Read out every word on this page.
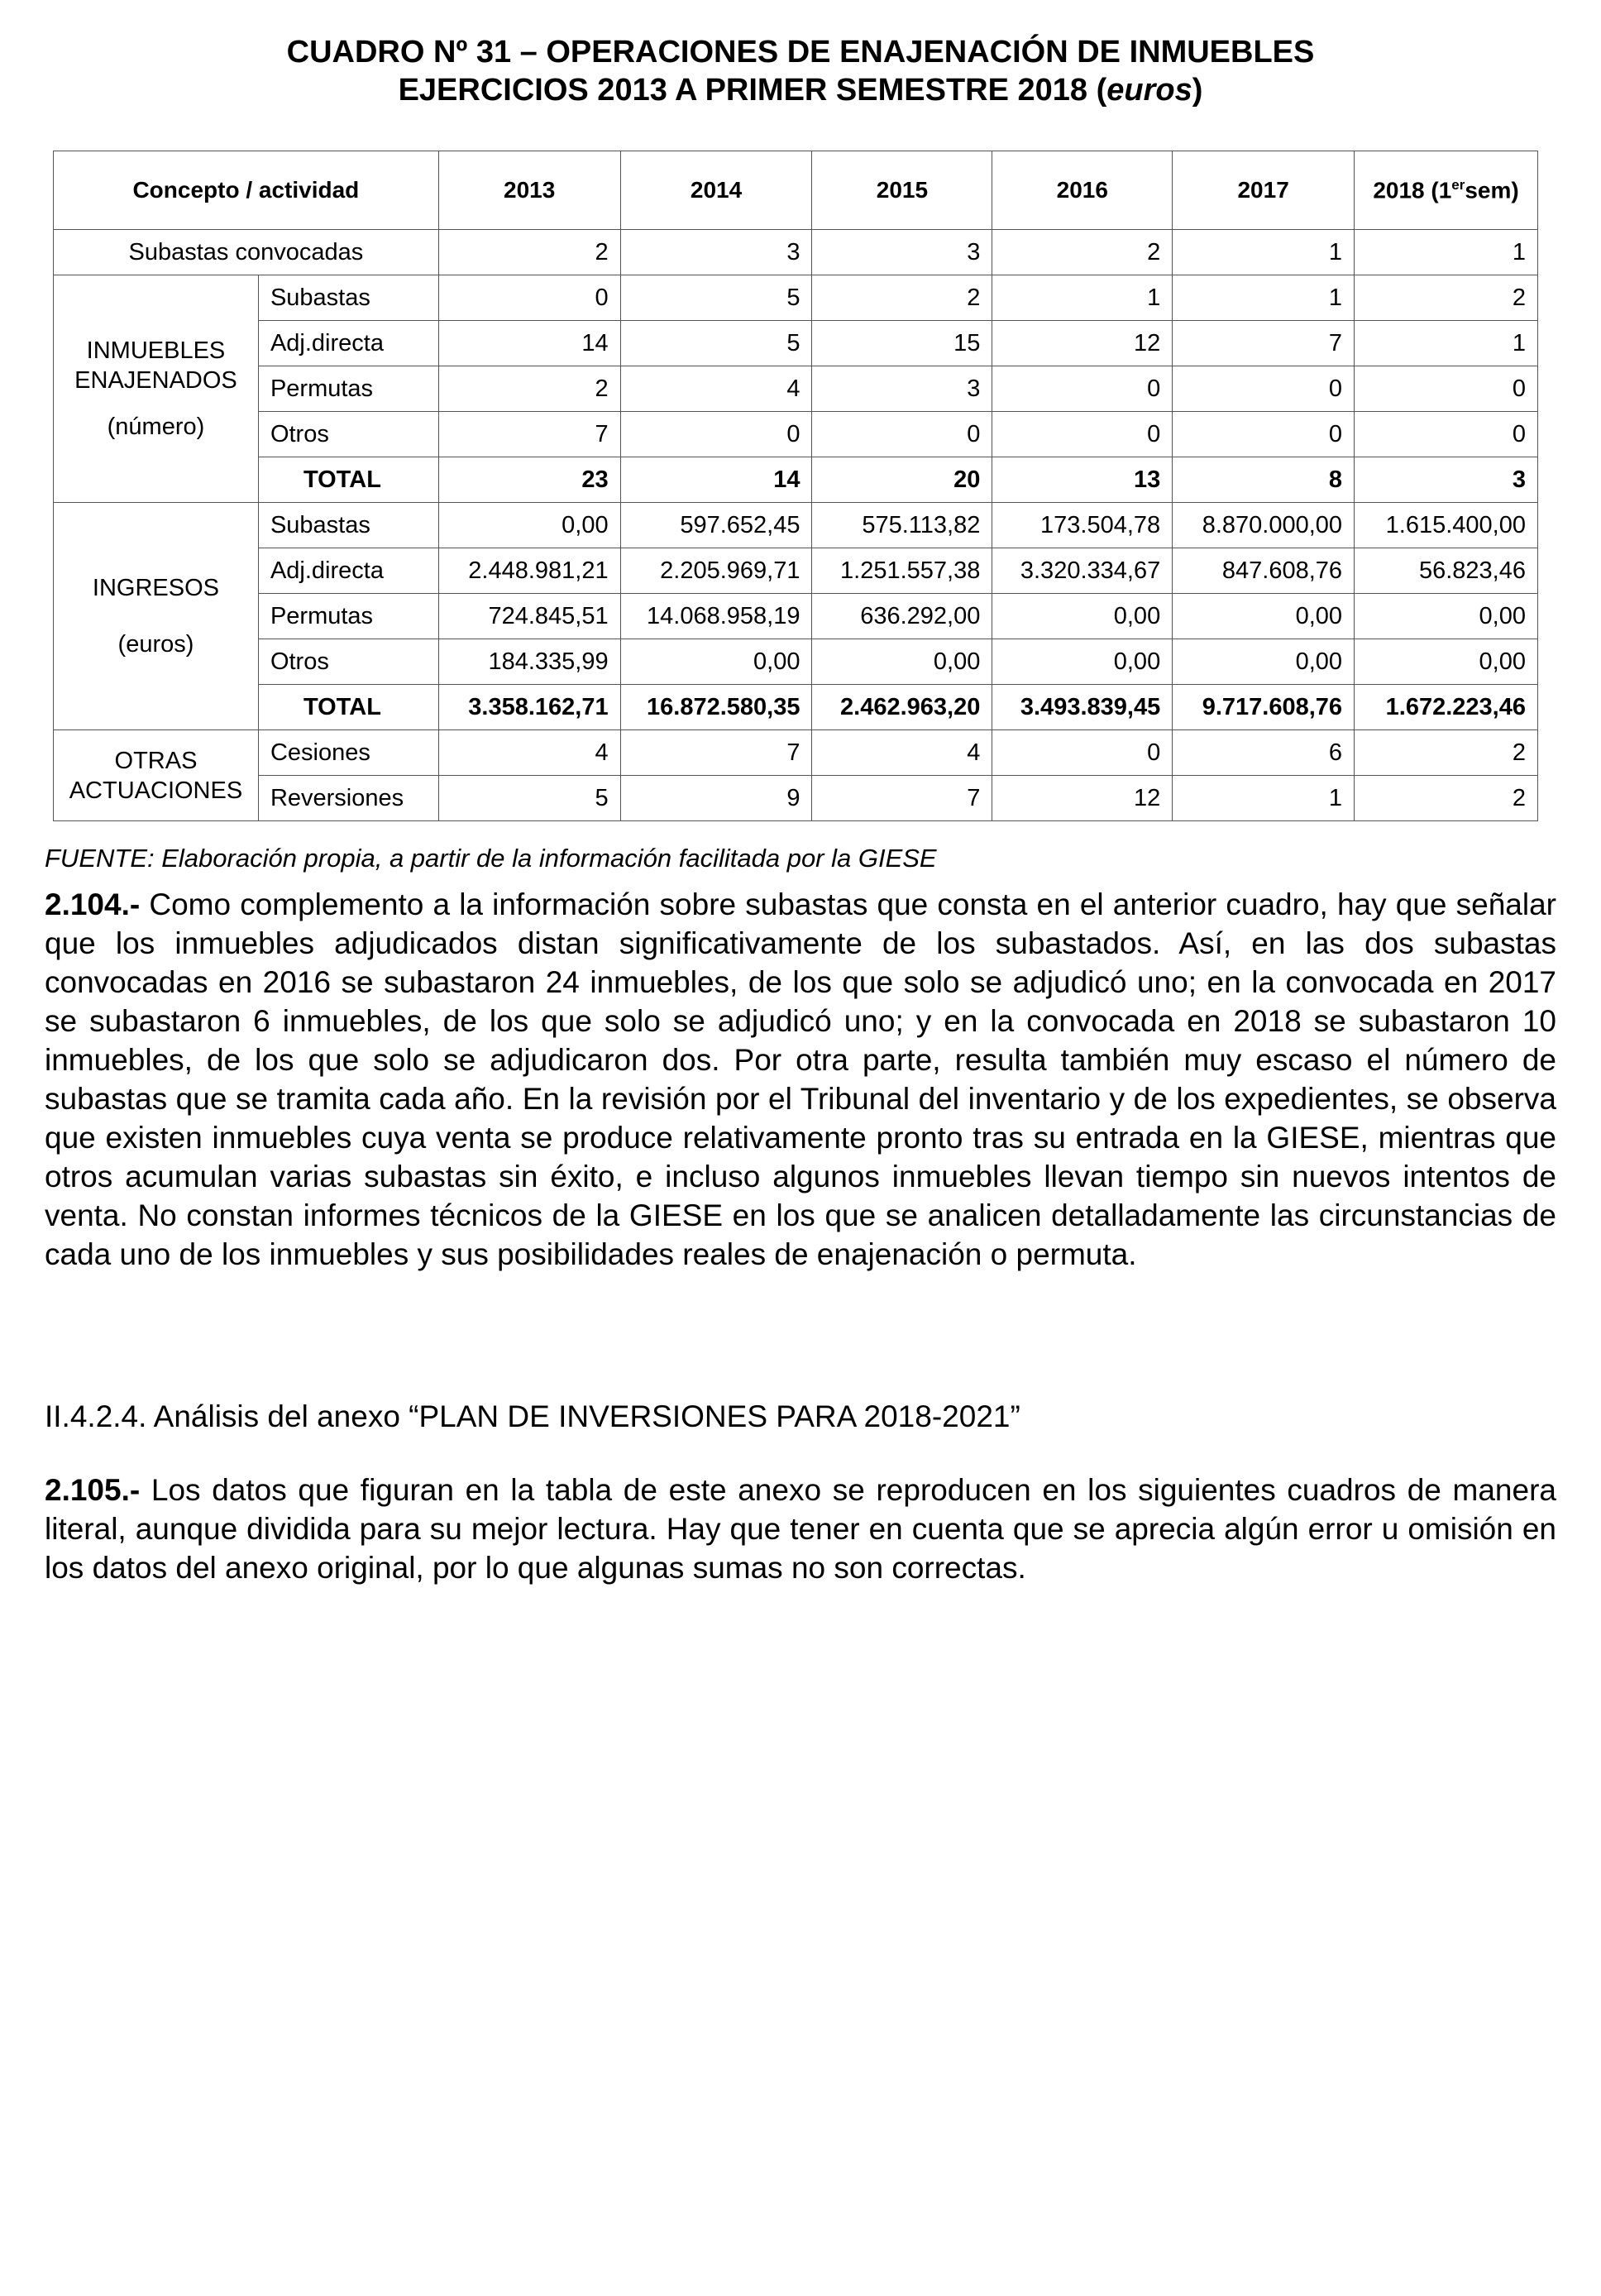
CUADRO Nº 31 – OPERACIONES DE ENAJENACIÓN DE INMUEBLES
EJERCICIOS 2013 A PRIMER SEMESTRE 2018 (euros)
Concepto / actividad		2013	2014	2015	2016	2017	2018 (1ersem)
Subastas convocadas		2	3	3	2	1	1

INMUEBLES
ENAJENADOS
(número)	Subastas	0	5	2	1	1	2
	Adj.directa	14	5	15	12	7	1
	Permutas	2	4	3	0	0	0
	Otros	7	0	0	0	0	0
	TOTAL	23	14	20	13	8	3

INGRESOS
(euros)	Subastas	0,00	597.652,45	575.113,82	173.504,78	8.870.000,00	1.615.400,00
	Adj.directa	2.448.981,21	2.205.969,71	1.251.557,38	3.320.334,67	847.608,76	56.823,46
	Permutas	724.845,51	14.068.958,19	636.292,00	0,00	0,00	0,00
	Otros	184.335,99	0,00	0,00	0,00	0,00	0,00
	TOTAL	3.358.162,71	16.872.580,35	2.462.963,20	3.493.839,45	9.717.608,76	1.672.223,46

OTRAS
ACTUACIONES	Cesiones	4	7	4	0	6	2
	Reversiones	5	9	7	12	1	2
FUENTE: Elaboración propia, a partir de la información facilitada por la GIESE

2.104.- Como complemento a la información sobre subastas que consta en el anterior cuadro, hay que señalar que los inmuebles adjudicados distan significativamente de los subastados. Así, en las dos subastas convocadas en 2016 se subastaron 24 inmuebles, de los que solo se adjudicó uno; en la convocada en 2017 se subastaron 6 inmuebles, de los que solo se adjudicó uno; y en la convocada en 2018 se subastaron 10 inmuebles, de los que solo se adjudicaron dos. Por otra parte, resulta también muy escaso el número de subastas que se tramita cada año. En la revisión por el Tribunal del inventario y de los expedientes, se observa que existen inmuebles cuya venta se produce relativamente pronto tras su entrada en la GIESE, mientras que otros acumulan varias subastas sin éxito, e incluso algunos inmuebles llevan tiempo sin nuevos intentos de venta. No constan informes técnicos de la GIESE en los que se analicen detalladamente las circunstancias de cada uno de los inmuebles y sus posibilidades reales de enajenación o permuta.

II.4.2.4. Análisis del anexo “PLAN DE INVERSIONES PARA 2018-2021”

2.105.- Los datos que figuran en la tabla de este anexo se reproducen en los siguientes cuadros de manera literal, aunque dividida para su mejor lectura. Hay que tener en cuenta que se aprecia algún error u omisión en los datos del anexo original, por lo que algunas sumas no son correctas.
